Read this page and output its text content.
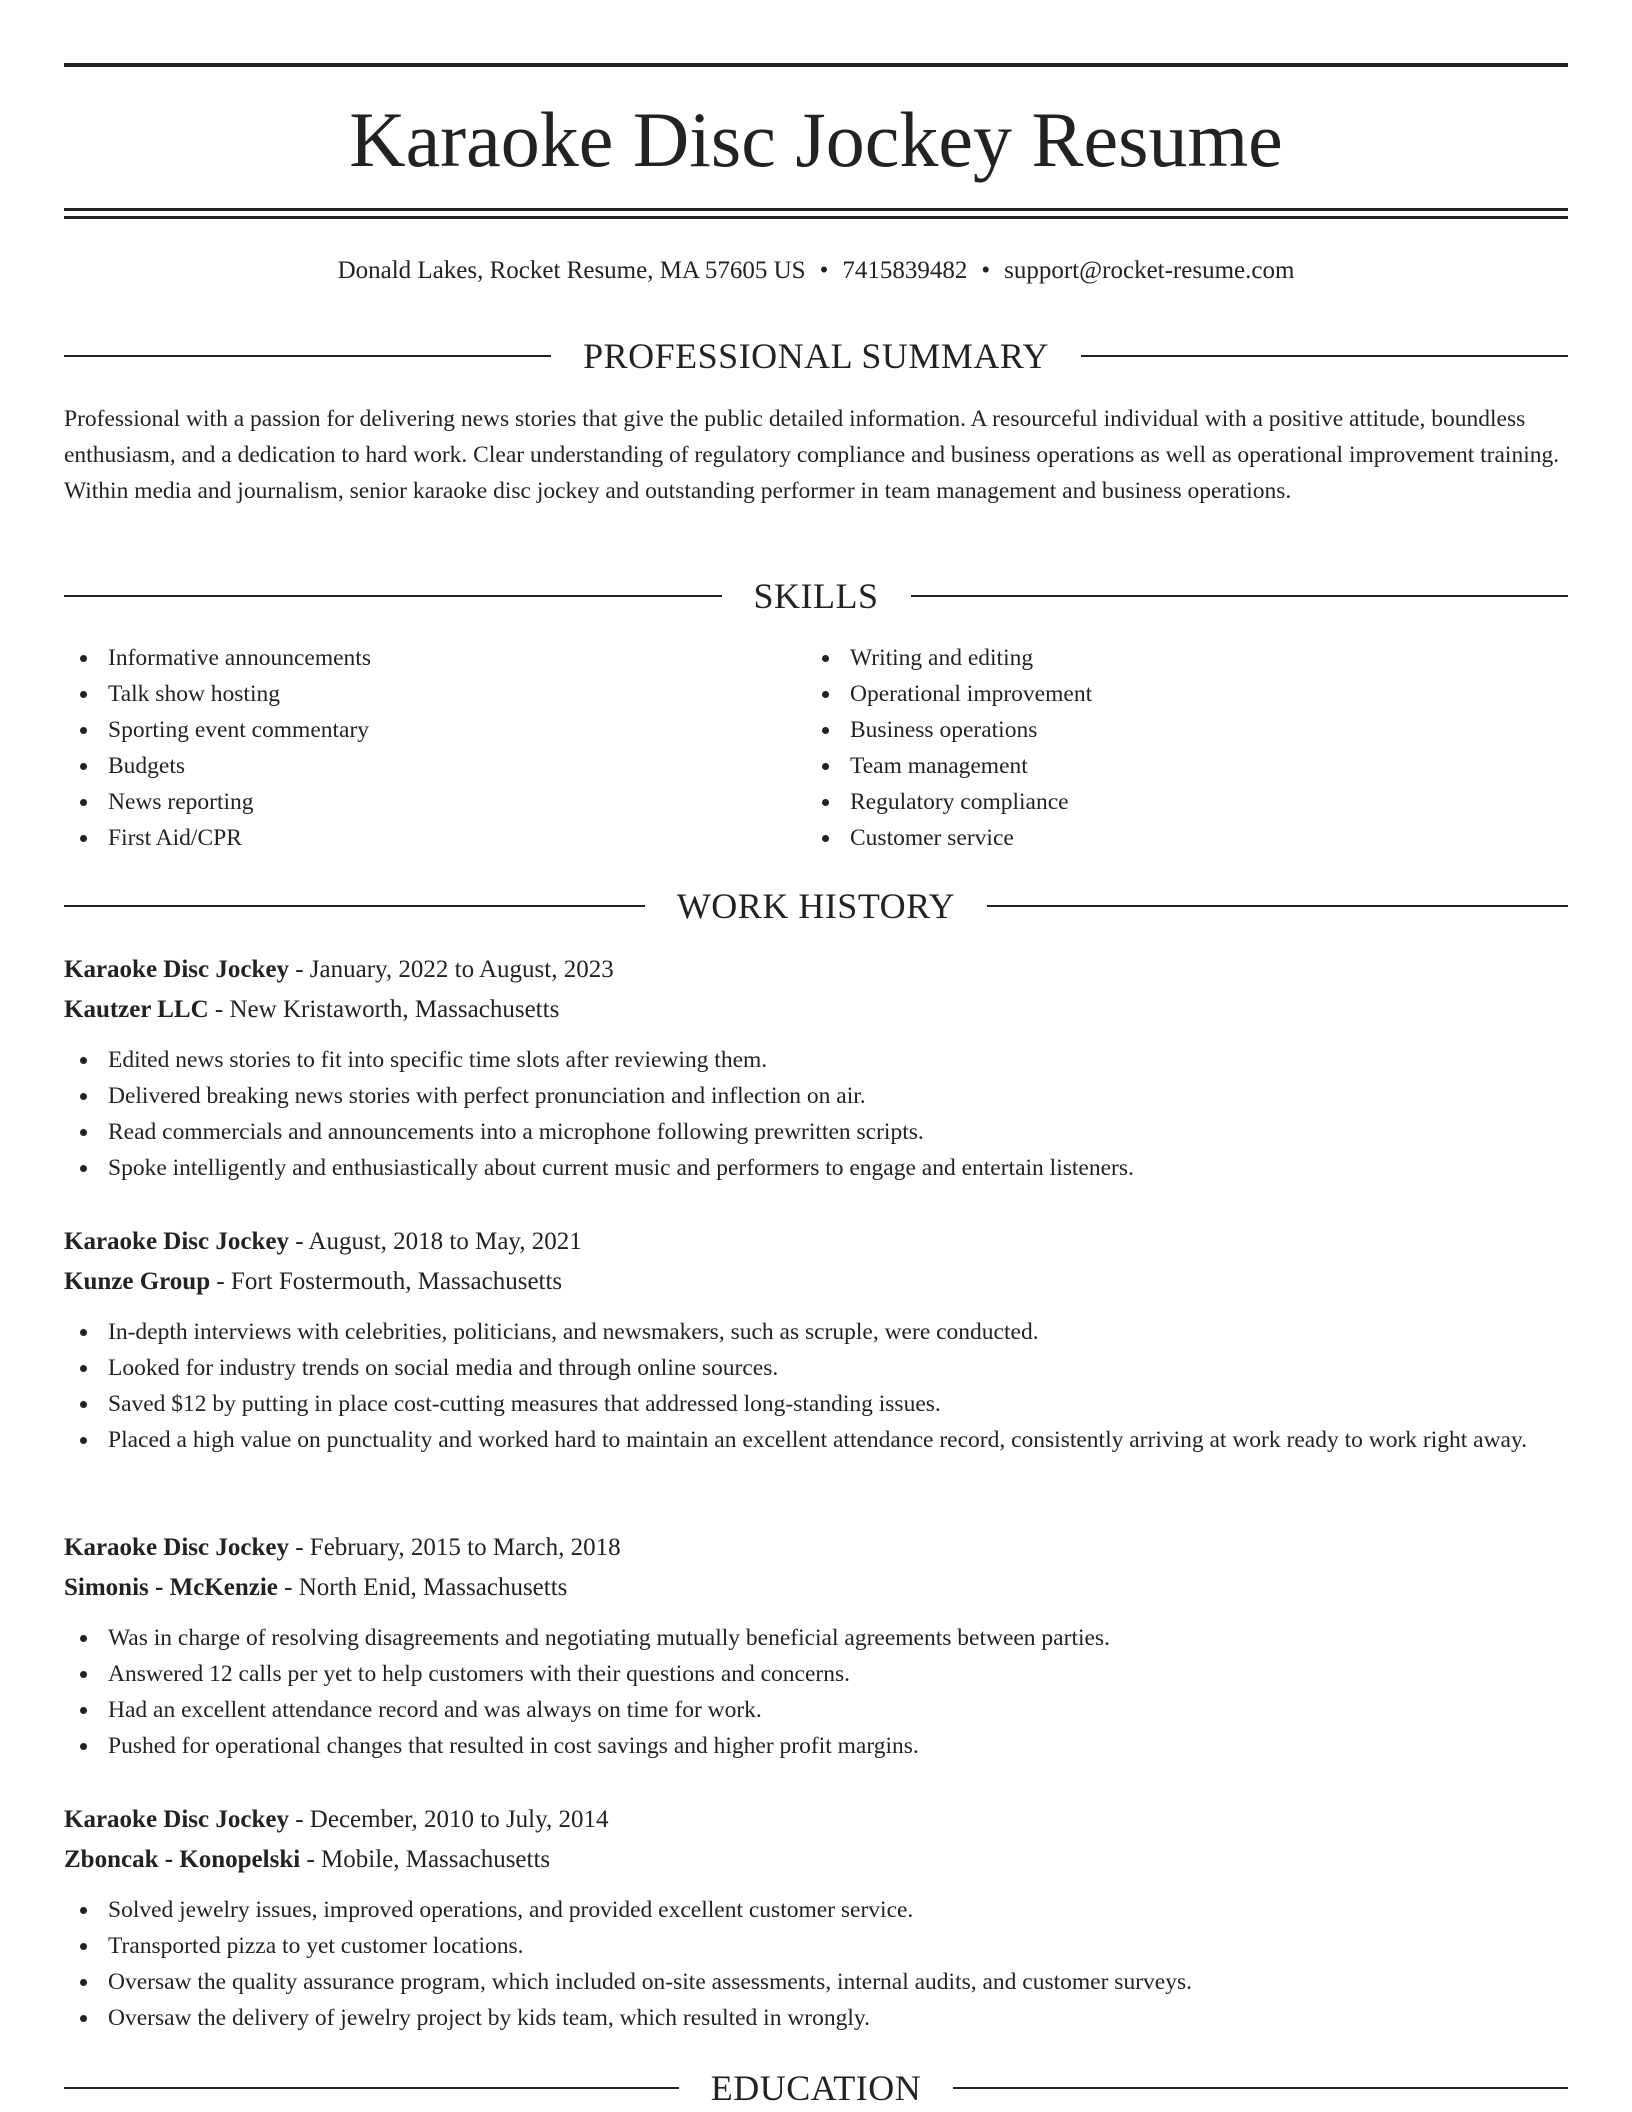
Karaoke Disc Jockey Resume
Donald Lakes, Rocket Resume, MA 57605 US • 7415839482 • support@rocket-resume.com
PROFESSIONAL SUMMARY

Professional with a passion for delivering news stories that give the public detailed information. A resourceful individual with a positive attitude, boundless enthusiasm, and a dedication to hard work. Clear understanding of regulatory compliance and business operations as well as operational improvement training. Within media and journalism, senior karaoke disc jockey and outstanding performer in team management and business operations.

SKILLS
Informative announcements
Talk show hosting
Sporting event commentary
Budgets
News reporting
First Aid/CPR
Writing and editing
Operational improvement
Business operations
Team management
Regulatory compliance
Customer service
WORK HISTORY
Karaoke Disc Jockey - January, 2022 to August, 2023
Kautzer LLC - New Kristaworth, Massachusetts
Edited news stories to fit into specific time slots after reviewing them.
Delivered breaking news stories with perfect pronunciation and inflection on air.
Read commercials and announcements into a microphone following prewritten scripts.
Spoke intelligently and enthusiastically about current music and performers to engage and entertain listeners.
Karaoke Disc Jockey - August, 2018 to May, 2021
Kunze Group - Fort Fostermouth, Massachusetts
In-depth interviews with celebrities, politicians, and newsmakers, such as scruple, were conducted.
Looked for industry trends on social media and through online sources.
Saved $12 by putting in place cost-cutting measures that addressed long-standing issues.
Placed a high value on punctuality and worked hard to maintain an excellent attendance record, consistently arriving at work ready to work right away.
Karaoke Disc Jockey - February, 2015 to March, 2018
Simonis - McKenzie - North Enid, Massachusetts
Was in charge of resolving disagreements and negotiating mutually beneficial agreements between parties.
Answered 12 calls per yet to help customers with their questions and concerns.
Had an excellent attendance record and was always on time for work.
Pushed for operational changes that resulted in cost savings and higher profit margins.
Karaoke Disc Jockey - December, 2010 to July, 2014
Zboncak - Konopelski - Mobile, Massachusetts
Solved jewelry issues, improved operations, and provided excellent customer service.
Transported pizza to yet customer locations.
Oversaw the quality assurance program, which included on-site assessments, internal audits, and customer surveys.
Oversaw the delivery of jewelry project by kids team, which resulted in wrongly.
EDUCATION
